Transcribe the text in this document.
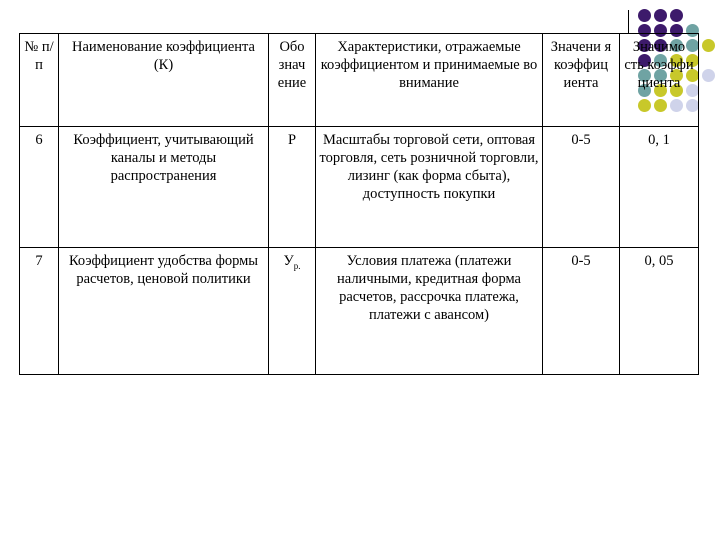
№ п/п	Наименование коэффициента (К)	Обо знач ение	Характеристики, отражаемые коэффициентом и принимаемые во внимание	Значени я коэффиц иента	Значимо сть коэффи циента
6	Коэффициент, учитывающий каналы и методы распространения	Р	Масштабы торговой сети, оптовая торговля, сеть розничной торговли, лизинг (как форма сбыта), доступность покупки	0-5	0, 1
7	Коэффициент удобства формы расчетов, ценовой политики	$У_{р.}$	Условия платежа (платежи наличными, кредитная форма расчетов, рассрочка платежа, платежи с авансом)	0-5	0, 05
